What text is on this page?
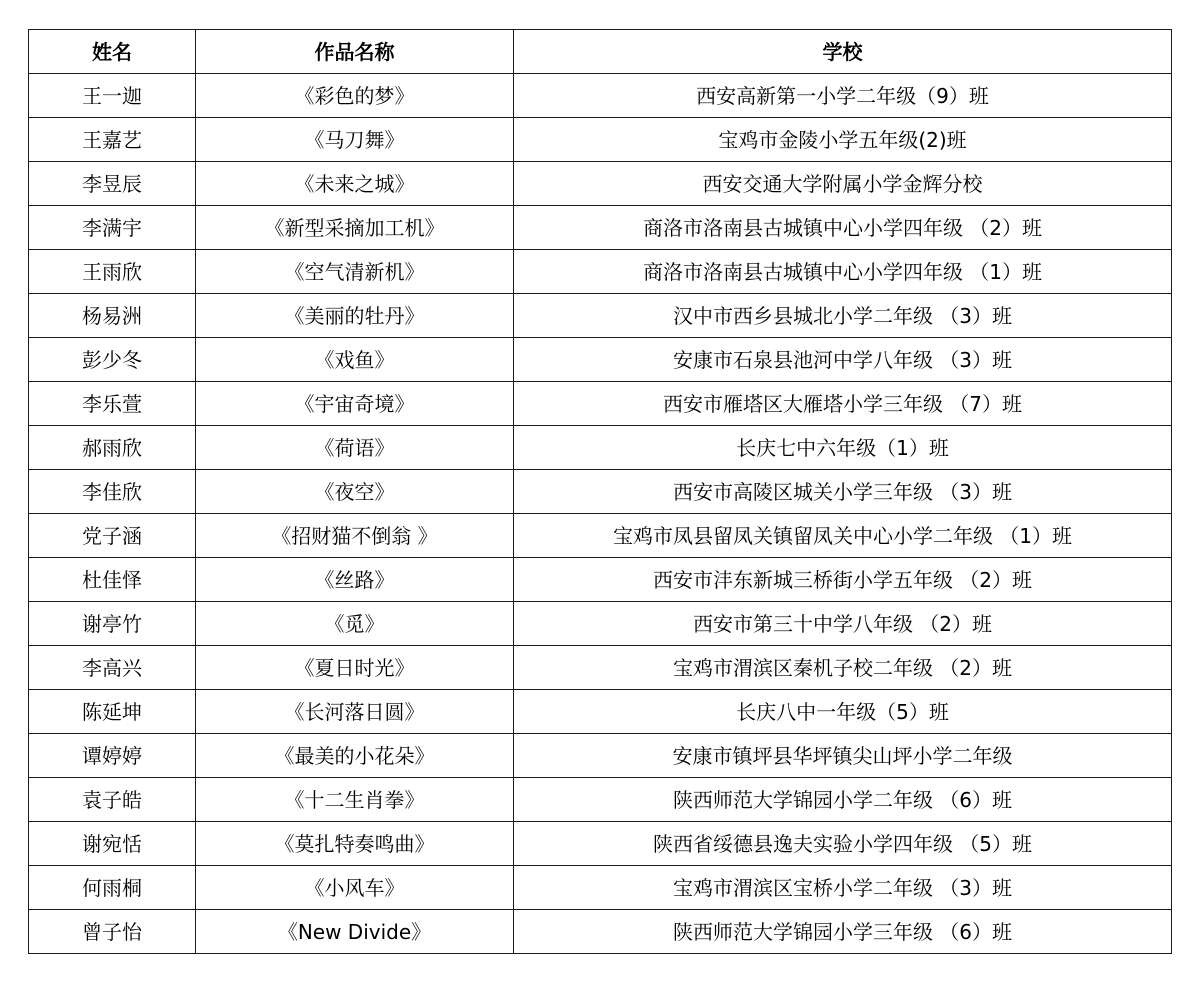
姓名	作品名称	学校
王一迦	《彩色的梦》	西安高新第一小学二年级（9）班
王嘉艺	《马刀舞》	宝鸡市金陵小学五年级(2)班
李昱辰	《未来之城》	西安交通大学附属小学金辉分校
李满宇	《新型采摘加工机》	商洛市洛南县古城镇中心小学四年级 （2）班
王雨欣	《空气清新机》	商洛市洛南县古城镇中心小学四年级 （1）班
杨易洲	《美丽的牡丹》	汉中市西乡县城北小学二年级 （3）班
彭少冬	《戏鱼》	安康市石泉县池河中学八年级 （3）班
李乐萱	《宇宙奇境》	西安市雁塔区大雁塔小学三年级 （7）班
郝雨欣	《荷语》	长庆七中六年级（1）班
李佳欣	《夜空》	西安市高陵区城关小学三年级 （3）班
党子涵	《招财猫不倒翁 》	宝鸡市凤县留凤关镇留凤关中心小学二年级 （1）班
杜佳怿	《丝路》	西安市沣东新城三桥街小学五年级 （2）班
谢亭竹	《觅》	西安市第三十中学八年级 （2）班
李高兴	《夏日时光》	宝鸡市渭滨区秦机子校二年级 （2）班
陈延坤	《长河落日圆》	长庆八中一年级（5）班
谭婷婷	《最美的小花朵》	安康市镇坪县华坪镇尖山坪小学二年级
袁子皓	《十二生肖拳》	陕西师范大学锦园小学二年级 （6）班
谢宛恬	《莫扎特奏鸣曲》	陕西省绥德县逸夫实验小学四年级 （5）班
何雨桐	《小风车》	宝鸡市渭滨区宝桥小学二年级 （3）班
曾子怡	《New Divide》	陕西师范大学锦园小学三年级 （6）班
